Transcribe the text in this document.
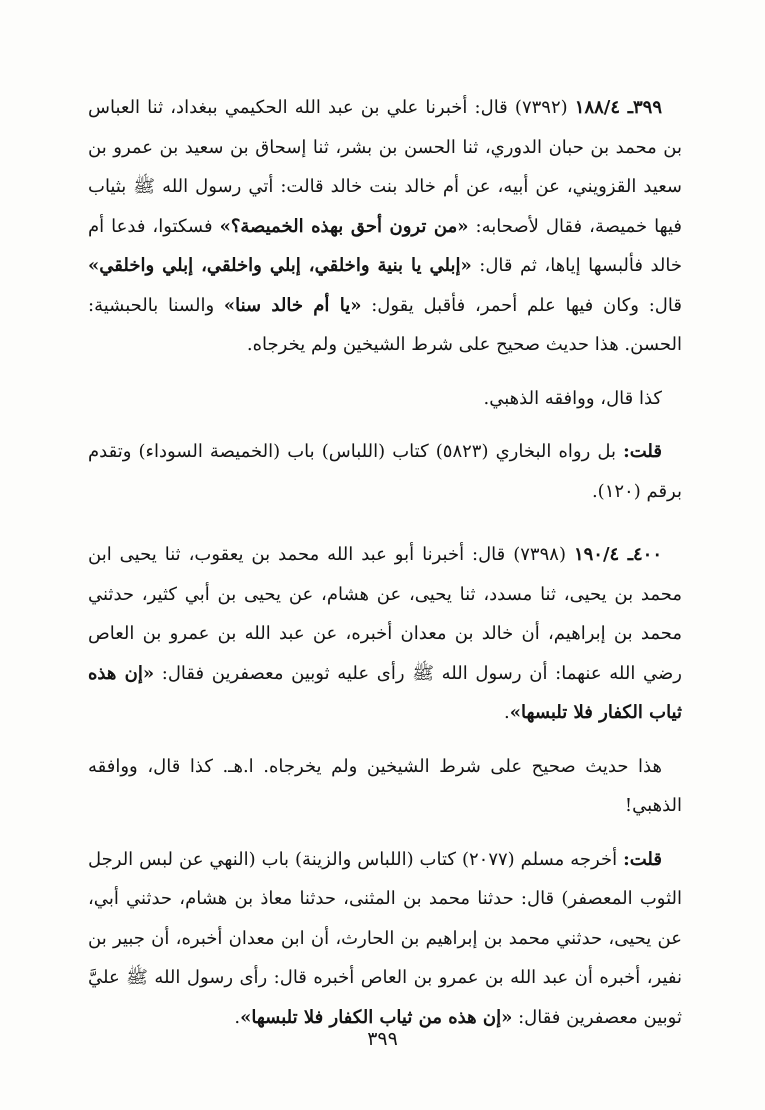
٣٩٩ـ ١٨٨/٤ (٧٣٩٢) قال: أخبرنا علي بن عبد الله الحكيمي ببغداد، ثنا العباس بن محمد بن حبان الدوري، ثنا الحسن بن بشر، ثنا إسحاق بن سعيد بن عمرو بن سعيد القزويني، عن أبيه، عن أم خالد بنت خالد قالت: أتي رسول الله ﷺ بثياب فيها خميصة، فقال لأصحابه: «من ترون أحق بهذه الخميصة؟» فسكتوا، فدعا أم خالد فألبسها إياها، ثم قال: «إبلي يا بنية واخلقي، إبلي واخلقي، إبلي واخلقي» قال: وكان فيها علم أحمر، فأقبل يقول: «يا أم خالد سنا» والسنا بالحبشية: الحسن. هذا حديث صحيح على شرط الشيخين ولم يخرجاه.

كذا قال، ووافقه الذهبي.

قلت: بل رواه البخاري (٥٨٢٣) كتاب (اللباس) باب (الخميصة السوداء) وتقدم برقم (١٢٠).

٤٠٠ـ ١٩٠/٤ (٧٣٩٨) قال: أخبرنا أبو عبد الله محمد بن يعقوب، ثنا يحيى ابن محمد بن يحيى، ثنا مسدد، ثنا يحيى، عن هشام، عن يحيى بن أبي كثير، حدثني محمد بن إبراهيم، أن خالد بن معدان أخبره، عن عبد الله بن عمرو بن العاص رضي الله عنهما: أن رسول الله ﷺ رأى عليه ثوبين معصفرين فقال: «إن هذه ثياب الكفار فلا تلبسها».

هذا حديث صحيح على شرط الشيخين ولم يخرجاه. ا.هـ. كذا قال، ووافقه الذهبي!

قلت: أخرجه مسلم (٢٠٧٧) كتاب (اللباس والزينة) باب (النهي عن لبس الرجل الثوب المعصفر) قال: حدثنا محمد بن المثنى، حدثنا معاذ بن هشام، حدثني أبي، عن يحيى، حدثني محمد بن إبراهيم بن الحارث، أن ابن معدان أخبره، أن جبير بن نفير، أخبره أن عبد الله بن عمرو بن العاص أخبره قال: رأى رسول الله ﷺ عليَّ ثوبين معصفرين فقال: «إن هذه من ثياب الكفار فلا تلبسها».

٣٩٩
